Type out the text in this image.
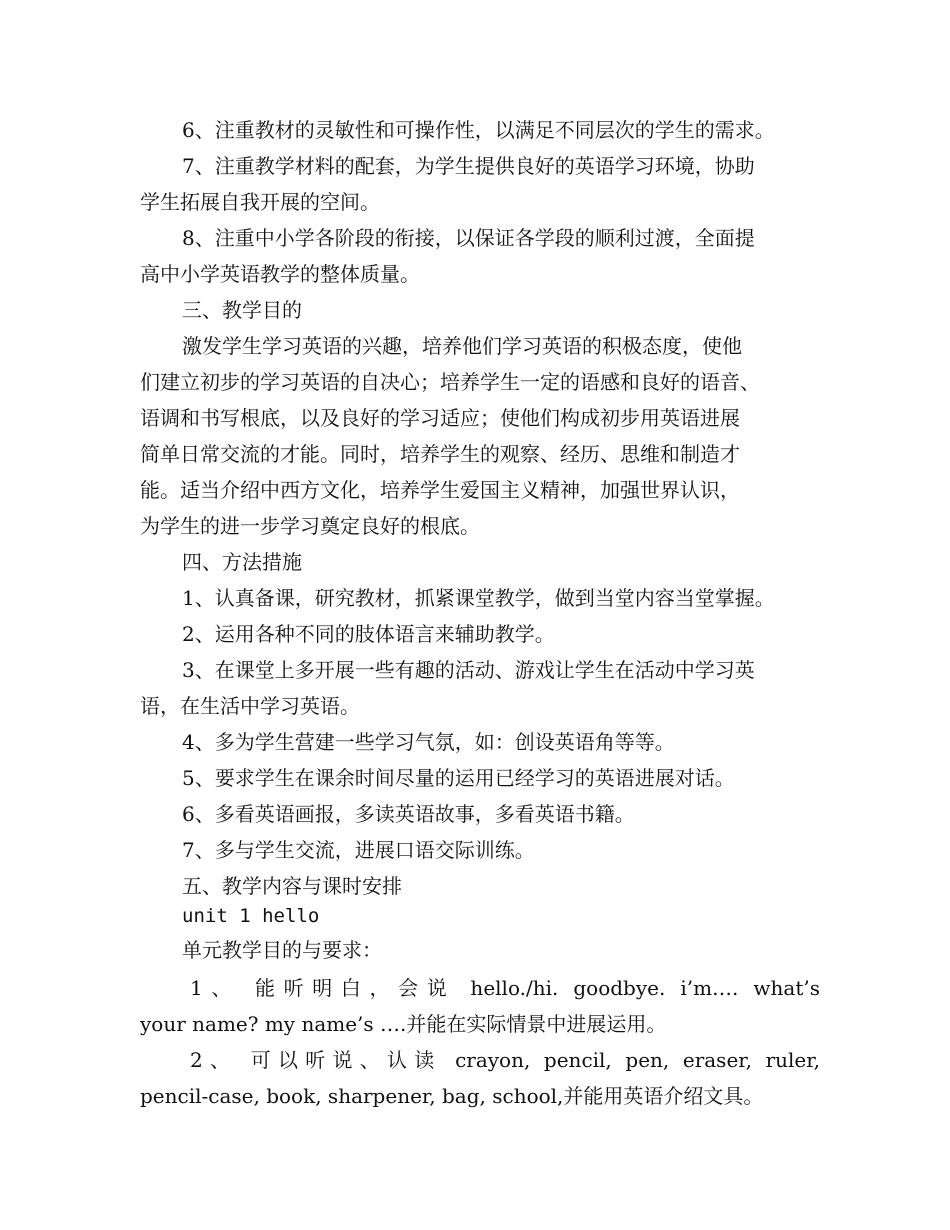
6、注重教材的灵敏性和可操作性，以满足不同层次的学生的需求。
7、注重教学材料的配套，为学生提供良好的英语学习环境，协助
学生拓展自我开展的空间。
8、注重中小学各阶段的衔接，以保证各学段的顺利过渡，全面提
高中小学英语教学的整体质量。
三、教学目的
激发学生学习英语的兴趣，培养他们学习英语的积极态度，使他
们建立初步的学习英语的自决心；培养学生一定的语感和良好的语音、
语调和书写根底，以及良好的学习适应；使他们构成初步用英语进展
简单日常交流的才能。同时，培养学生的观察、经历、思维和制造才
能。适当介绍中西方文化，培养学生爱国主义精神，加强世界认识，
为学生的进一步学习奠定良好的根底。
四、方法措施
1、认真备课，研究教材，抓紧课堂教学，做到当堂内容当堂掌握。
2、运用各种不同的肢体语言来辅助教学。
3、在课堂上多开展一些有趣的活动、游戏让学生在活动中学习英
语，在生活中学习英语。
4、多为学生营建一些学习气氛，如：创设英语角等等。
5、要求学生在课余时间尽量的运用已经学习的英语进展对话。
6、多看英语画报，多读英语故事，多看英语书籍。
7、多与学生交流，进展口语交际训练。
五、教学内容与课时安排
unit 1 hello
单元教学目的与要求：
1、 能听明白，会说 hello./hi. goodbye. i’m…. what’s
your name? my name’s ….并能在实际情景中进展运用。
2、 可以听说、认读 crayon, pencil, pen, eraser, ruler,
pencil-case, book, sharpener, bag, school,并能用英语介绍文具。
